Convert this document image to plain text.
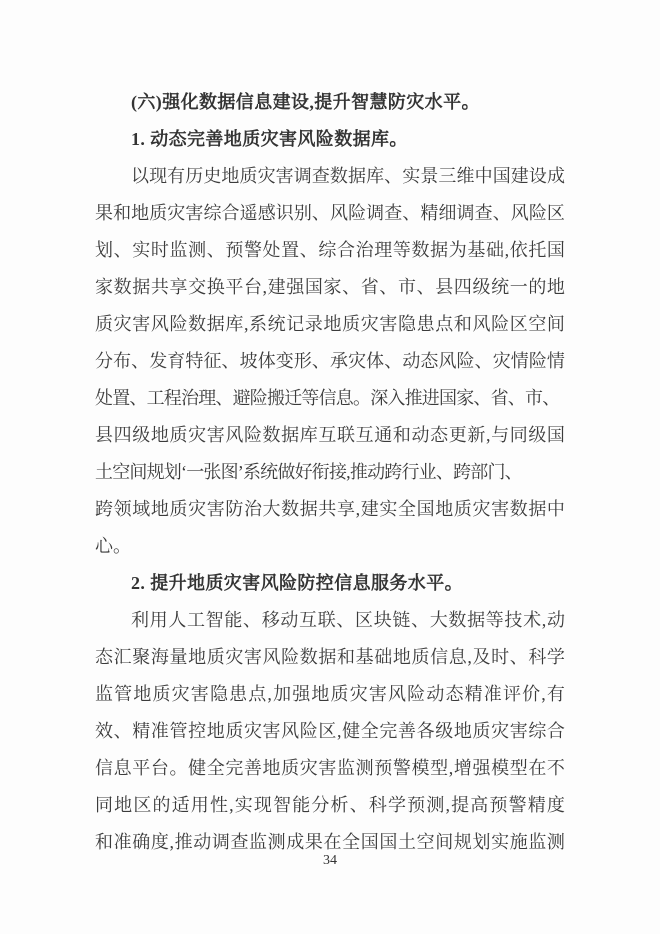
(六)强化数据信息建设,提升智慧防灾水平。
1. 动态完善地质灾害风险数据库。
以现有历史地质灾害调查数据库、实景三维中国建设成
果和地质灾害综合遥感识别、风险调查、精细调查、风险区
划、实时监测、预警处置、综合治理等数据为基础,依托国
家数据共享交换平台,建强国家、省、市、县四级统一的地
质灾害风险数据库,系统记录地质灾害隐患点和风险区空间
分布、发育特征、坡体变形、承灾体、动态风险、灾情险情
处置、工程治理、避险搬迁等信息。深入推进国家、省、市、
县四级地质灾害风险数据库互联互通和动态更新,与同级国
土空间规划‘一张图’系统做好衔接,推动跨行业、跨部门、
跨领域地质灾害防治大数据共享,建实全国地质灾害数据中
心。
2. 提升地质灾害风险防控信息服务水平。
利用人工智能、移动互联、区块链、大数据等技术,动
态汇聚海量地质灾害风险数据和基础地质信息,及时、科学
监管地质灾害隐患点,加强地质灾害风险动态精准评价,有
效、精准管控地质灾害风险区,健全完善各级地质灾害综合
信息平台。健全完善地质灾害监测预警模型,增强模型在不
同地区的适用性,实现智能分析、科学预测,提高预警精度
和准确度,推动调查监测成果在全国国土空间规划实施监测
34
